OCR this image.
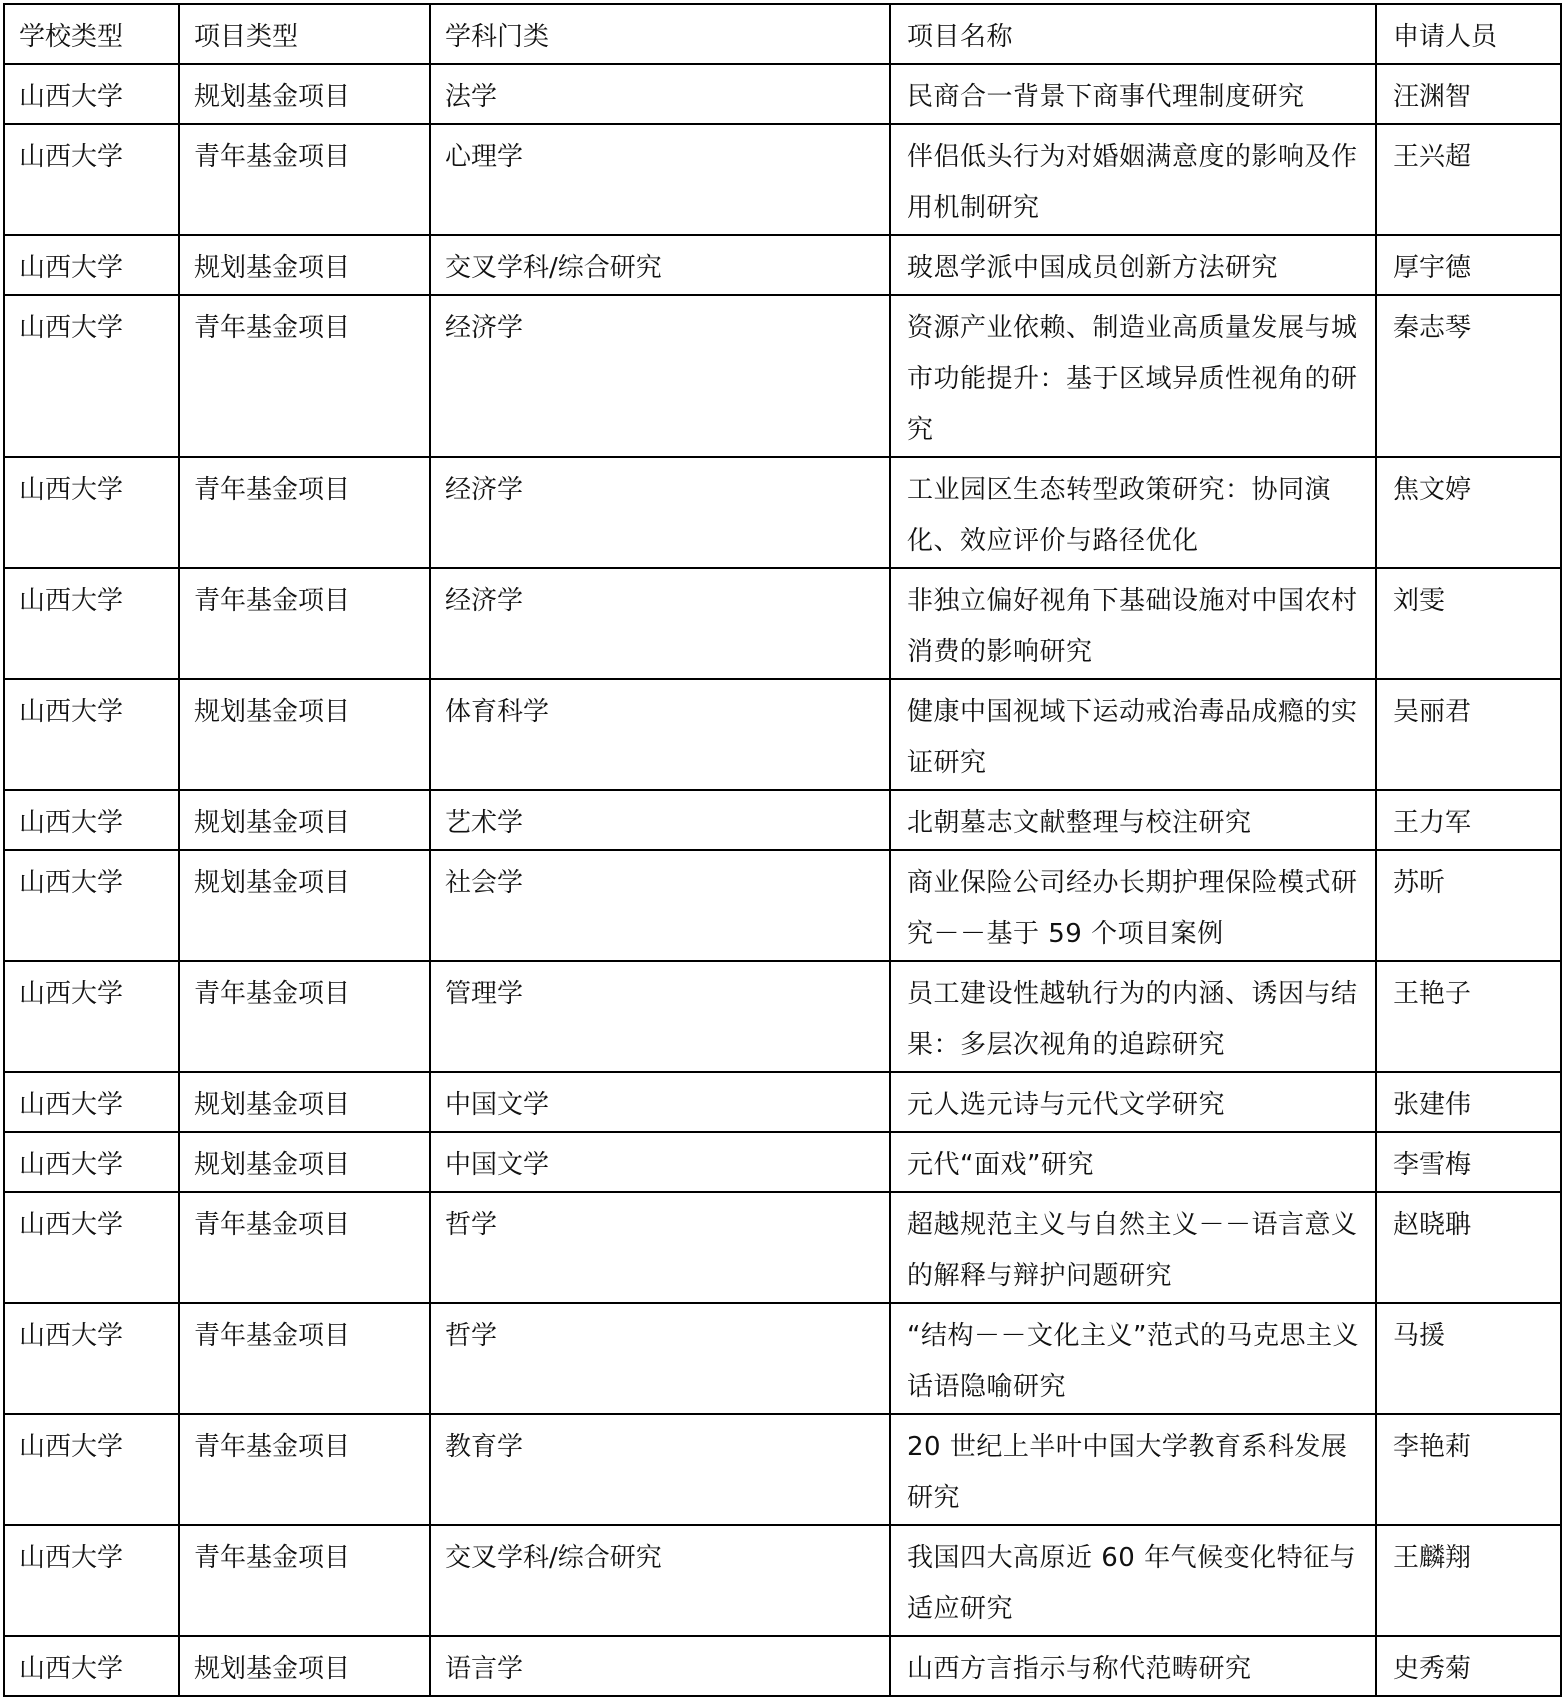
学校类型	项目类型	学科门类	项目名称	申请人员
山西大学	规划基金项目	法学	民商合一背景下商事代理制度研究	汪渊智
山西大学	青年基金项目	心理学	伴侣低头行为对婚姻满意度的影响及作用机制研究	王兴超
山西大学	规划基金项目	交叉学科/综合研究	玻恩学派中国成员创新方法研究	厚宇德
山西大学	青年基金项目	经济学	资源产业依赖、制造业高质量发展与城市功能提升：基于区域异质性视角的研究	秦志琴
山西大学	青年基金项目	经济学	工业园区生态转型政策研究：协同演化、效应评价与路径优化	焦文婷
山西大学	青年基金项目	经济学	非独立偏好视角下基础设施对中国农村消费的影响研究	刘雯
山西大学	规划基金项目	体育科学	健康中国视域下运动戒治毒品成瘾的实证研究	吴丽君
山西大学	规划基金项目	艺术学	北朝墓志文献整理与校注研究	王力军
山西大学	规划基金项目	社会学	商业保险公司经办长期护理保险模式研究－－基于 59 个项目案例	苏昕
山西大学	青年基金项目	管理学	员工建设性越轨行为的内涵、诱因与结果：多层次视角的追踪研究	王艳子
山西大学	规划基金项目	中国文学	元人选元诗与元代文学研究	张建伟
山西大学	规划基金项目	中国文学	元代“面戏”研究	李雪梅
山西大学	青年基金项目	哲学	超越规范主义与自然主义－－语言意义的解释与辩护问题研究	赵晓聃
山西大学	青年基金项目	哲学	“结构－－文化主义”范式的马克思主义话语隐喻研究	马援
山西大学	青年基金项目	教育学	20 世纪上半叶中国大学教育系科发展研究	李艳莉
山西大学	青年基金项目	交叉学科/综合研究	我国四大高原近 60 年气候变化特征与适应研究	王麟翔
山西大学	规划基金项目	语言学	山西方言指示与称代范畴研究	史秀菊
